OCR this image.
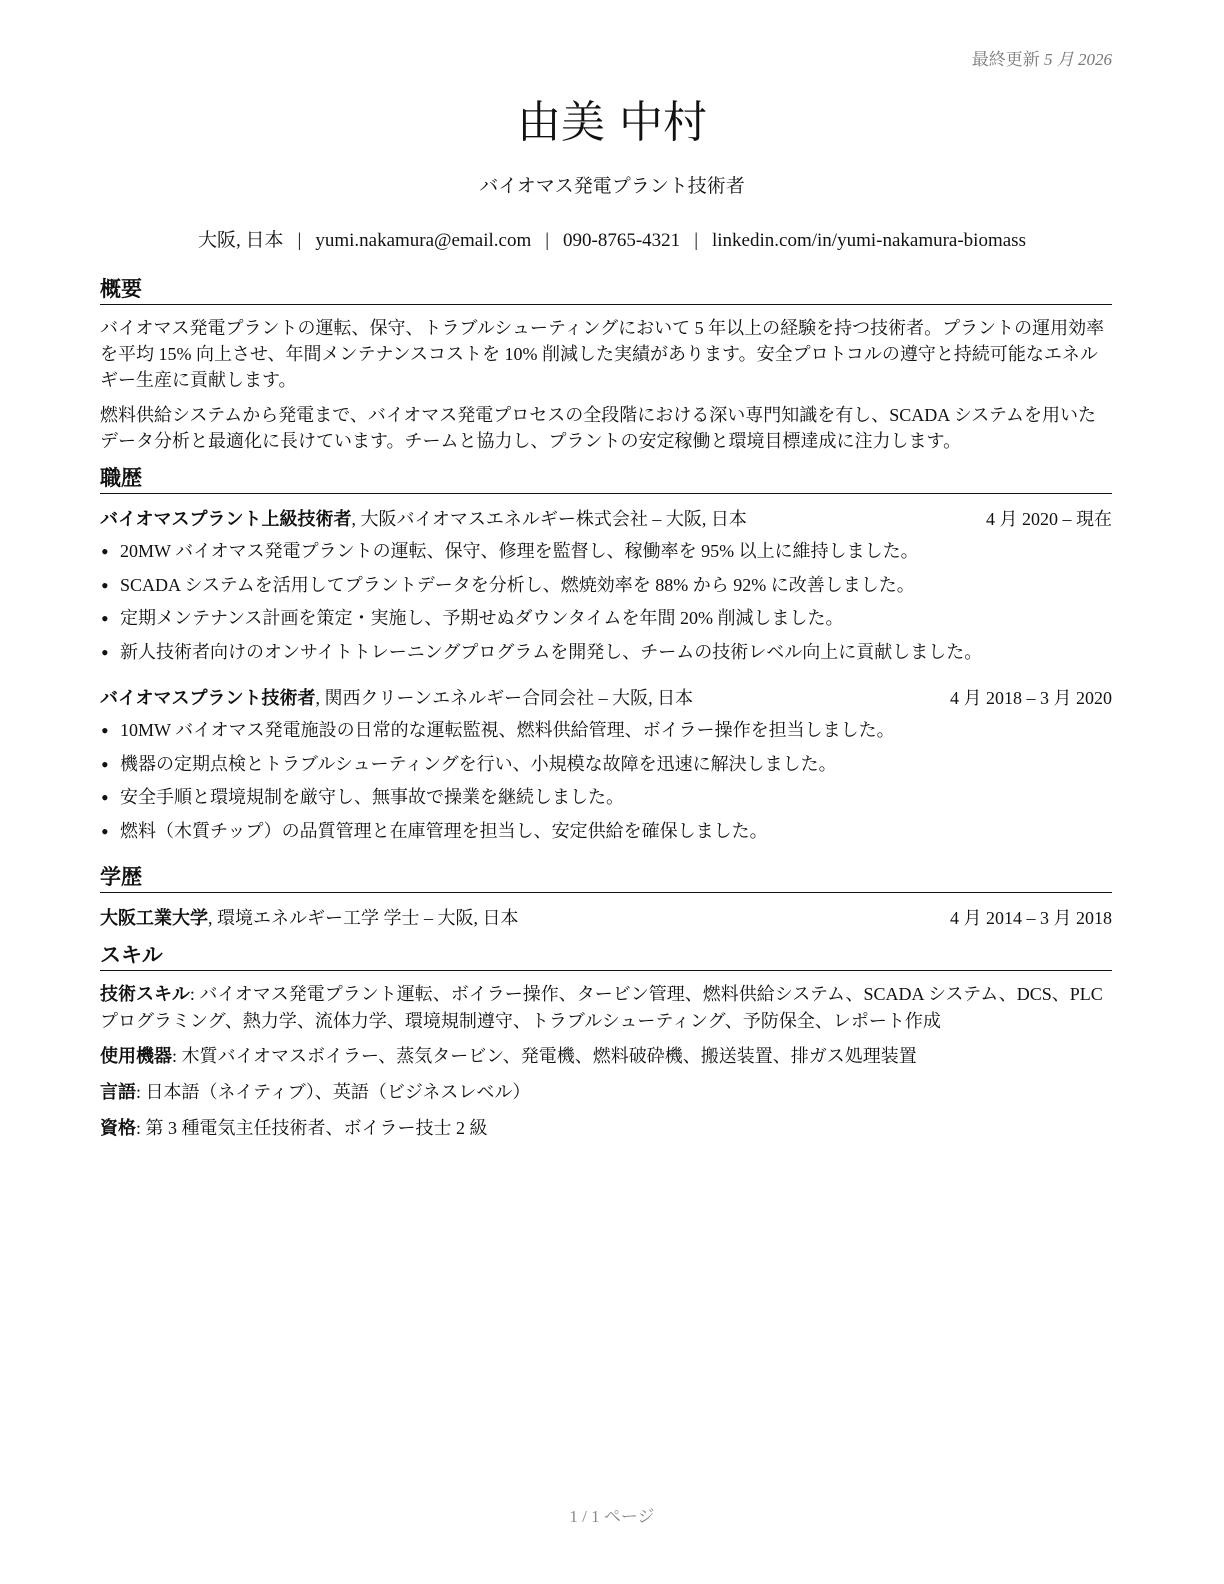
最終更新 5 月 2026
由美 中村
バイオマス発電プラント技術者
大阪, 日本 | yumi.nakamura@email.com | 090-8765-4321 | linkedin.com/in/yumi-nakamura-biomass
概要

バイオマス発電プラントの運転、保守、トラブルシューティングにおいて 5 年以上の経験を持つ技術者。プラントの運用効率を平均 15% 向上させ、年間メンテナンスコストを 10% 削減した実績があります。安全プロトコルの遵守と持続可能なエネルギー生産に貢献します。

燃料供給システムから発電まで、バイオマス発電プロセスの全段階における深い専門知識を有し、SCADA システムを用いたデータ分析と最適化に長けています。チームと協力し、プラントの安定稼働と環境目標達成に注力します。

職歴
バイオマスプラント上級技術者, 大阪バイオマスエネルギー株式会社 – 大阪, 日本	4 月 2020 – 現在
• 20MW バイオマス発電プラントの運転、保守、修理を監督し、稼働率を 95% 以上に維持しました。
• SCADA システムを活用してプラントデータを分析し、燃焼効率を 88% から 92% に改善しました。
• 定期メンテナンス計画を策定・実施し、予期せぬダウンタイムを年間 20% 削減しました。
• 新人技術者向けのオンサイトトレーニングプログラムを開発し、チームの技術レベル向上に貢献しました。
バイオマスプラント技術者, 関西クリーンエネルギー合同会社 – 大阪, 日本	4 月 2018 – 3 月 2020
• 10MW バイオマス発電施設の日常的な運転監視、燃料供給管理、ボイラー操作を担当しました。
• 機器の定期点検とトラブルシューティングを行い、小規模な故障を迅速に解決しました。
• 安全手順と環境規制を厳守し、無事故で操業を継続しました。
• 燃料（木質チップ）の品質管理と在庫管理を担当し、安定供給を確保しました。
学歴
大阪工業大学, 環境エネルギー工学 学士 – 大阪, 日本	4 月 2014 – 3 月 2018
スキル
技術スキル: バイオマス発電プラント運転、ボイラー操作、タービン管理、燃料供給システム、SCADA システム、DCS、PLC プログラミング、熱力学、流体力学、環境規制遵守、トラブルシューティング、予防保全、レポート作成
使用機器: 木質バイオマスボイラー、蒸気タービン、発電機、燃料破砕機、搬送装置、排ガス処理装置
言語: 日本語（ネイティブ）、英語（ビジネスレベル）
資格: 第 3 種電気主任技術者、ボイラー技士 2 級
1 / 1 ページ
